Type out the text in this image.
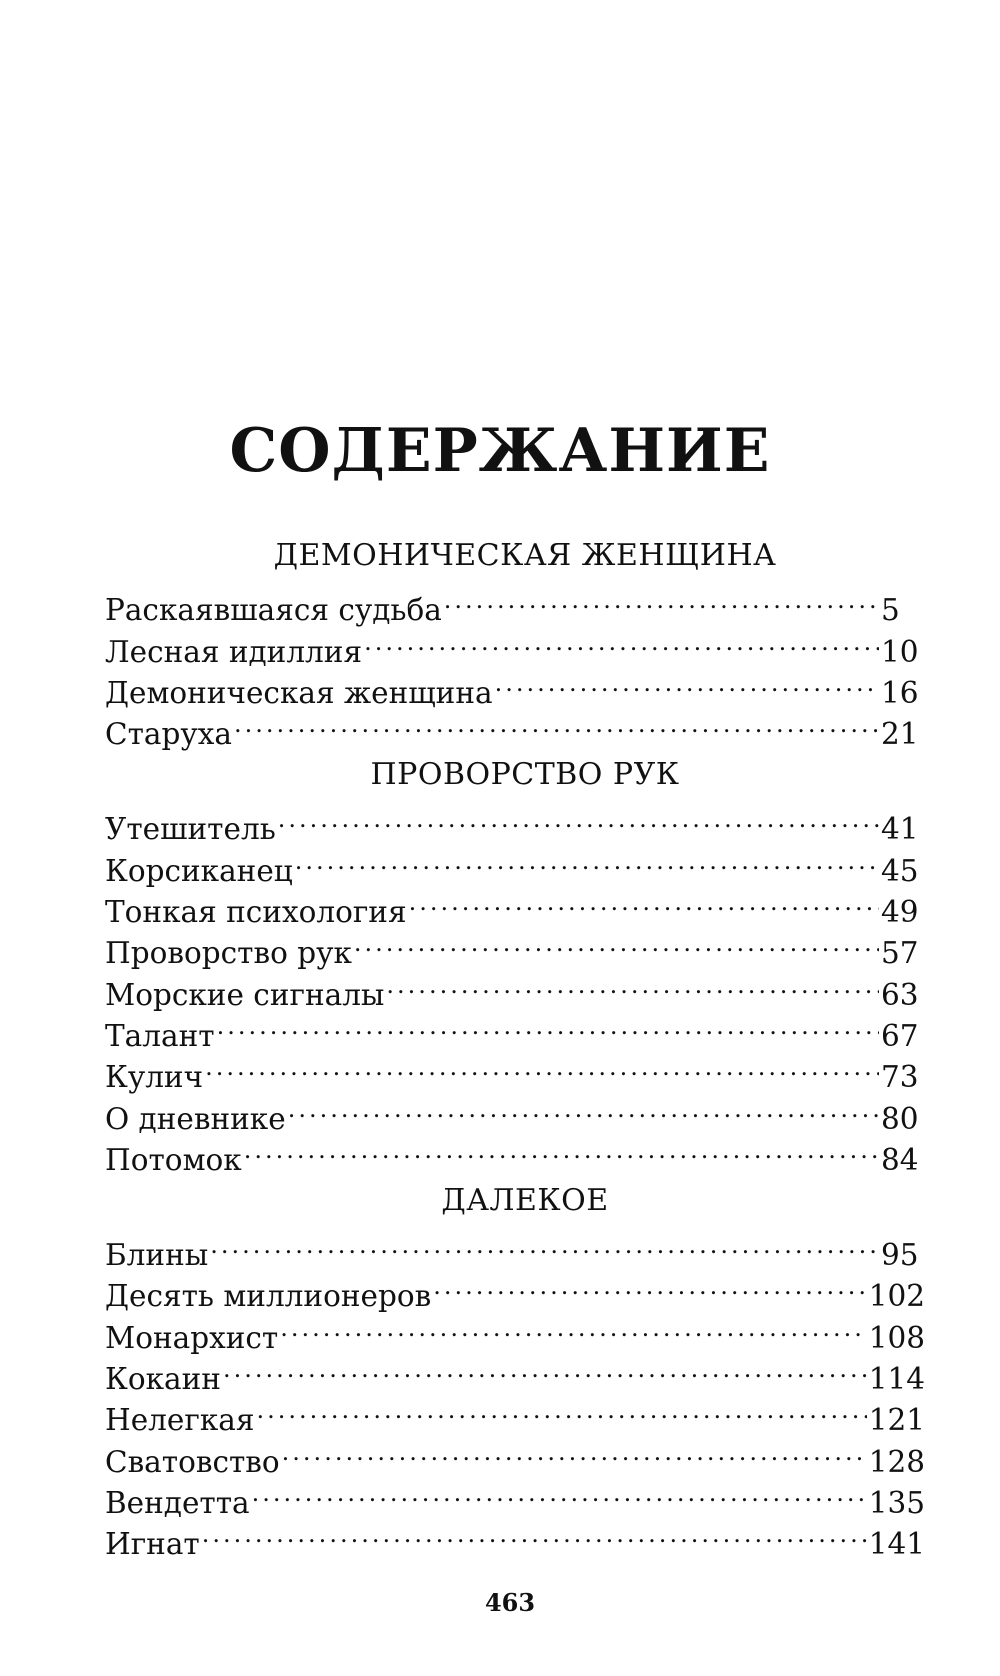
СОДЕРЖАНИЕ
ДЕМОНИЧЕСКАЯ ЖЕНЩИНА
Раскаявшаяся судьба .....	5
Лесная идиллия .....	10
Демоническая женщина .....	16
Старуха .....	21
ПРОВОРСТВО РУК
Утешитель .....	41
Корсиканец .....	45
Тонкая психология .....	49
Проворство рук .....	57
Морские сигналы .....	63
Талант .....	67
Кулич .....	73
О дневнике .....	80
Потомок .....	84
ДАЛЕКОЕ
Блины .....	95
Десять миллионеров .....	102
Монархист .....	108
Кокаин .....	114
Нелегкая .....	121
Сватовство .....	128
Вендетта .....	135
Игнат .....	141
463
